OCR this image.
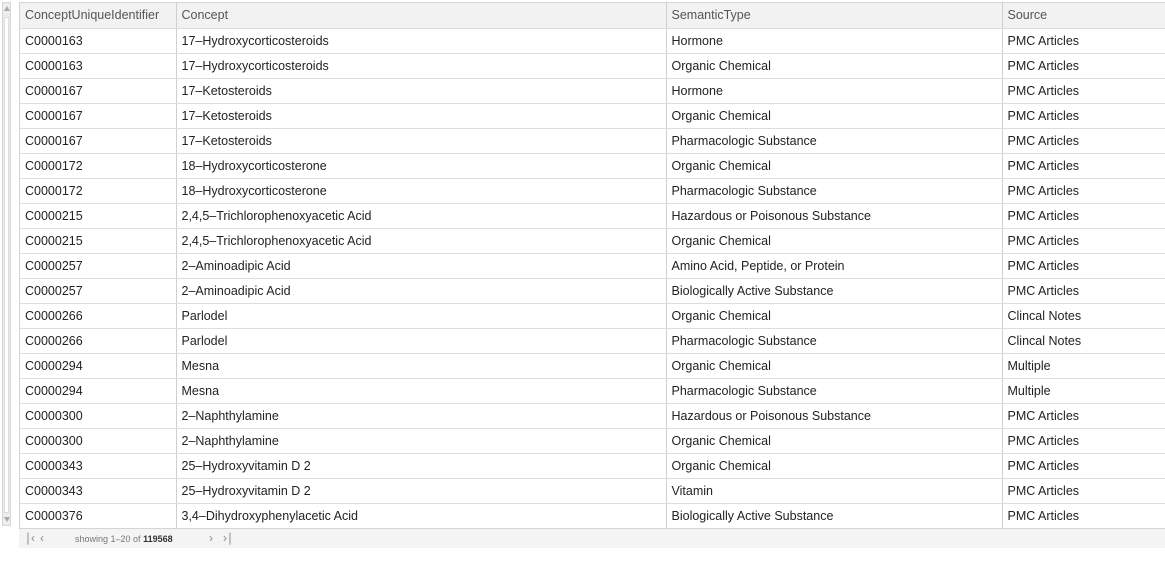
ConceptUniqueIdentifier	Concept	SemanticType	Source
C0000163	17–Hydroxycorticosteroids	Hormone	PMC Articles
C0000163	17–Hydroxycorticosteroids	Organic Chemical	PMC Articles
C0000167	17–Ketosteroids	Hormone	PMC Articles
C0000167	17–Ketosteroids	Organic Chemical	PMC Articles
C0000167	17–Ketosteroids	Pharmacologic Substance	PMC Articles
C0000172	18–Hydroxycorticosterone	Organic Chemical	PMC Articles
C0000172	18–Hydroxycorticosterone	Pharmacologic Substance	PMC Articles
C0000215	2,4,5–Trichlorophenoxyacetic Acid	Hazardous or Poisonous Substance	PMC Articles
C0000215	2,4,5–Trichlorophenoxyacetic Acid	Organic Chemical	PMC Articles
C0000257	2–Aminoadipic Acid	Amino Acid, Peptide, or Protein	PMC Articles
C0000257	2–Aminoadipic Acid	Biologically Active Substance	PMC Articles
C0000266	Parlodel	Organic Chemical	Clincal Notes
C0000266	Parlodel	Pharmacologic Substance	Clincal Notes
C0000294	Mesna	Organic Chemical	Multiple
C0000294	Mesna	Pharmacologic Substance	Multiple
C0000300	2–Naphthylamine	Hazardous or Poisonous Substance	PMC Articles
C0000300	2–Naphthylamine	Organic Chemical	PMC Articles
C0000343	25–Hydroxyvitamin D 2	Organic Chemical	PMC Articles
C0000343	25–Hydroxyvitamin D 2	Vitamin	PMC Articles
C0000376	3,4–Dihydroxyphenylacetic Acid	Biologically Active Substance	PMC Articles
∣‹ ‹	showing 1–20 of 119568	› ›∣
